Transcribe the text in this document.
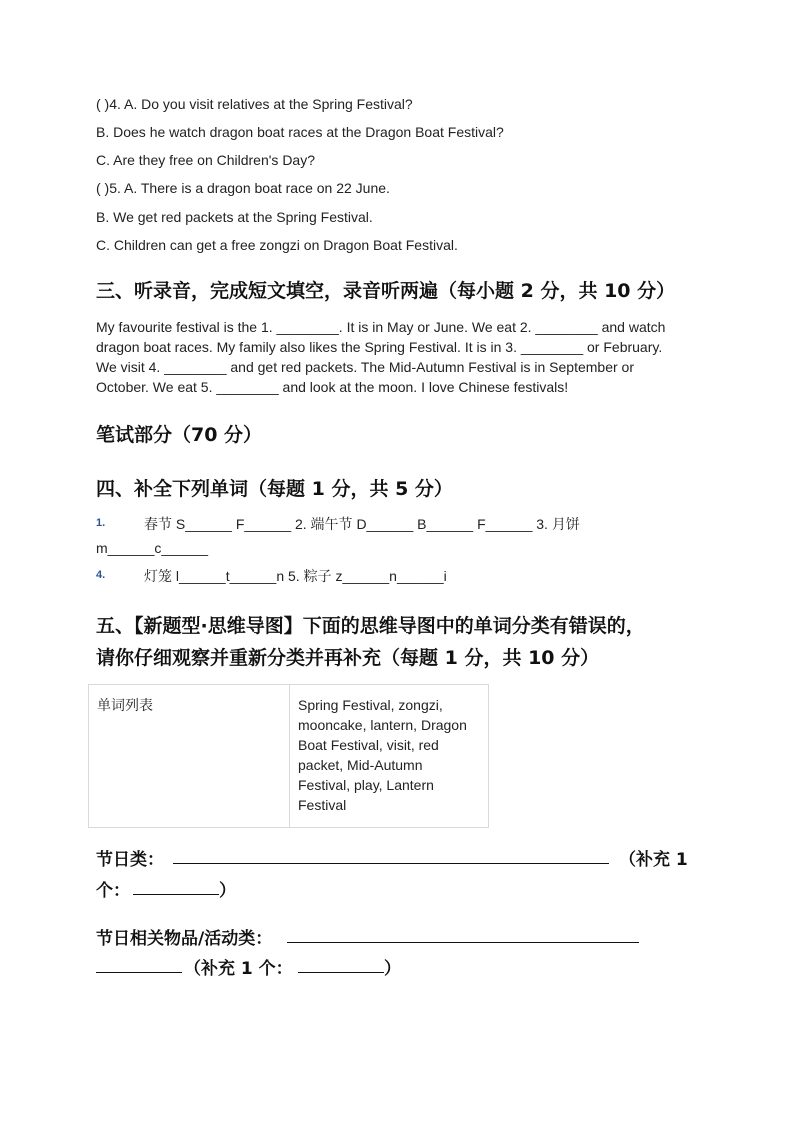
( )4. A. Do you visit relatives at the Spring Festival?
B. Does he watch dragon boat races at the Dragon Boat Festival?
C. Are they free on Children's Day?
( )5. A. There is a dragon boat race on 22 June.
B. We get red packets at the Spring Festival.
C. Children can get a free zongzi on Dragon Boat Festival.
三、听录音，完成短文填空，录音听两遍（每小题 2 分，共 10 分）
My favourite festival is the 1. ________. It is in May or June. We eat 2. ________ and watch
dragon boat races. My family also likes the Spring Festival. It is in 3. ________ or February.
We visit 4. ________ and get red packets. The Mid-Autumn Festival is in September or
October. We eat 5. ________ and look at the moon. I love Chinese festivals!
笔试部分（70 分）
四、补全下列单词（每题 1 分，共 5 分）
1.	春节 S______ F______ 2. 端午节 D______ B______ F______ 3. 月饼
m______c______
4.	灯笼 l______t______n 5. 粽子 z______n______i
五、【新题型·思维导图】下面的思维导图中的单词分类有错误的，
请你仔细观察并重新分类并再补充（每题 1 分，共 10 分）
单词列表	Spring Festival, zongzi,
mooncake, lantern, Dragon
Boat Festival, visit, red
packet, Mid-Autumn
Festival, play, Lantern
Festival
节日类：	（补充 1
个：	）
节日相关物品/活动类：
（补充 1 个：	）
